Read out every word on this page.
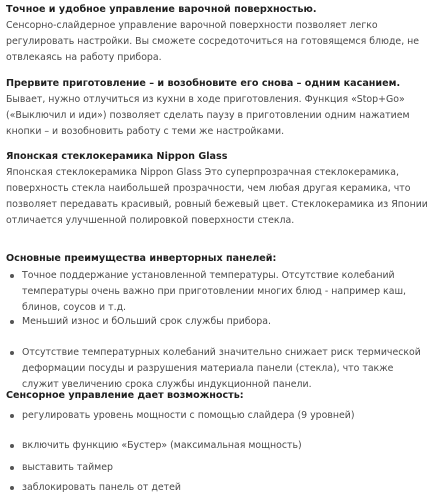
Точное и удобное управление варочной поверхностью.

Сенсорно-слайдерное управление варочной поверхности позволяет легко регулировать настройки. Вы сможете сосредоточиться на готовящемся блюде, не отвлекаясь на работу прибора.

Прервите приготовление – и возобновите его снова – одним касанием.

Бывает, нужно отлучиться из кухни в ходе приготовления. Функция «Stop+Go» («Выключил и иди») позволяет сделать паузу в приготовлении одним нажатием кнопки – и возобновить работу с теми же настройками.

Японская стеклокерамика Nippon Glass

Японская стеклокерамика Nippon Glass Это суперпрозрачная стеклокерамика, поверхность стекла наибольшей прозрачности, чем любая другая керамика, что позволяет передавать красивый, ровный бежевый цвет. Стеклокерамика из Японии отличается улучшенной полировкой поверхности стекла.

Основные преимущества инверторных панелей:

Точное поддержание установленной температуры. Отсутствие колебаний температуры очень важно при приготовлении многих блюд - например каш, блинов, соусов и т.д.
Меньший износ и бОльший срок службы прибора.
Отсутствие температурных колебаний значительно снижает риск термической деформации посуды и разрушения материала панели (стекла), что также служит увеличению срока службы индукционной панели.

Сенсорное управление дает возможность:

регулировать уровень мощности с помощью слайдера (9 уровней)
включить функцию «Бустер» (максимальная мощность)
выставить таймер
заблокировать панель от детей
